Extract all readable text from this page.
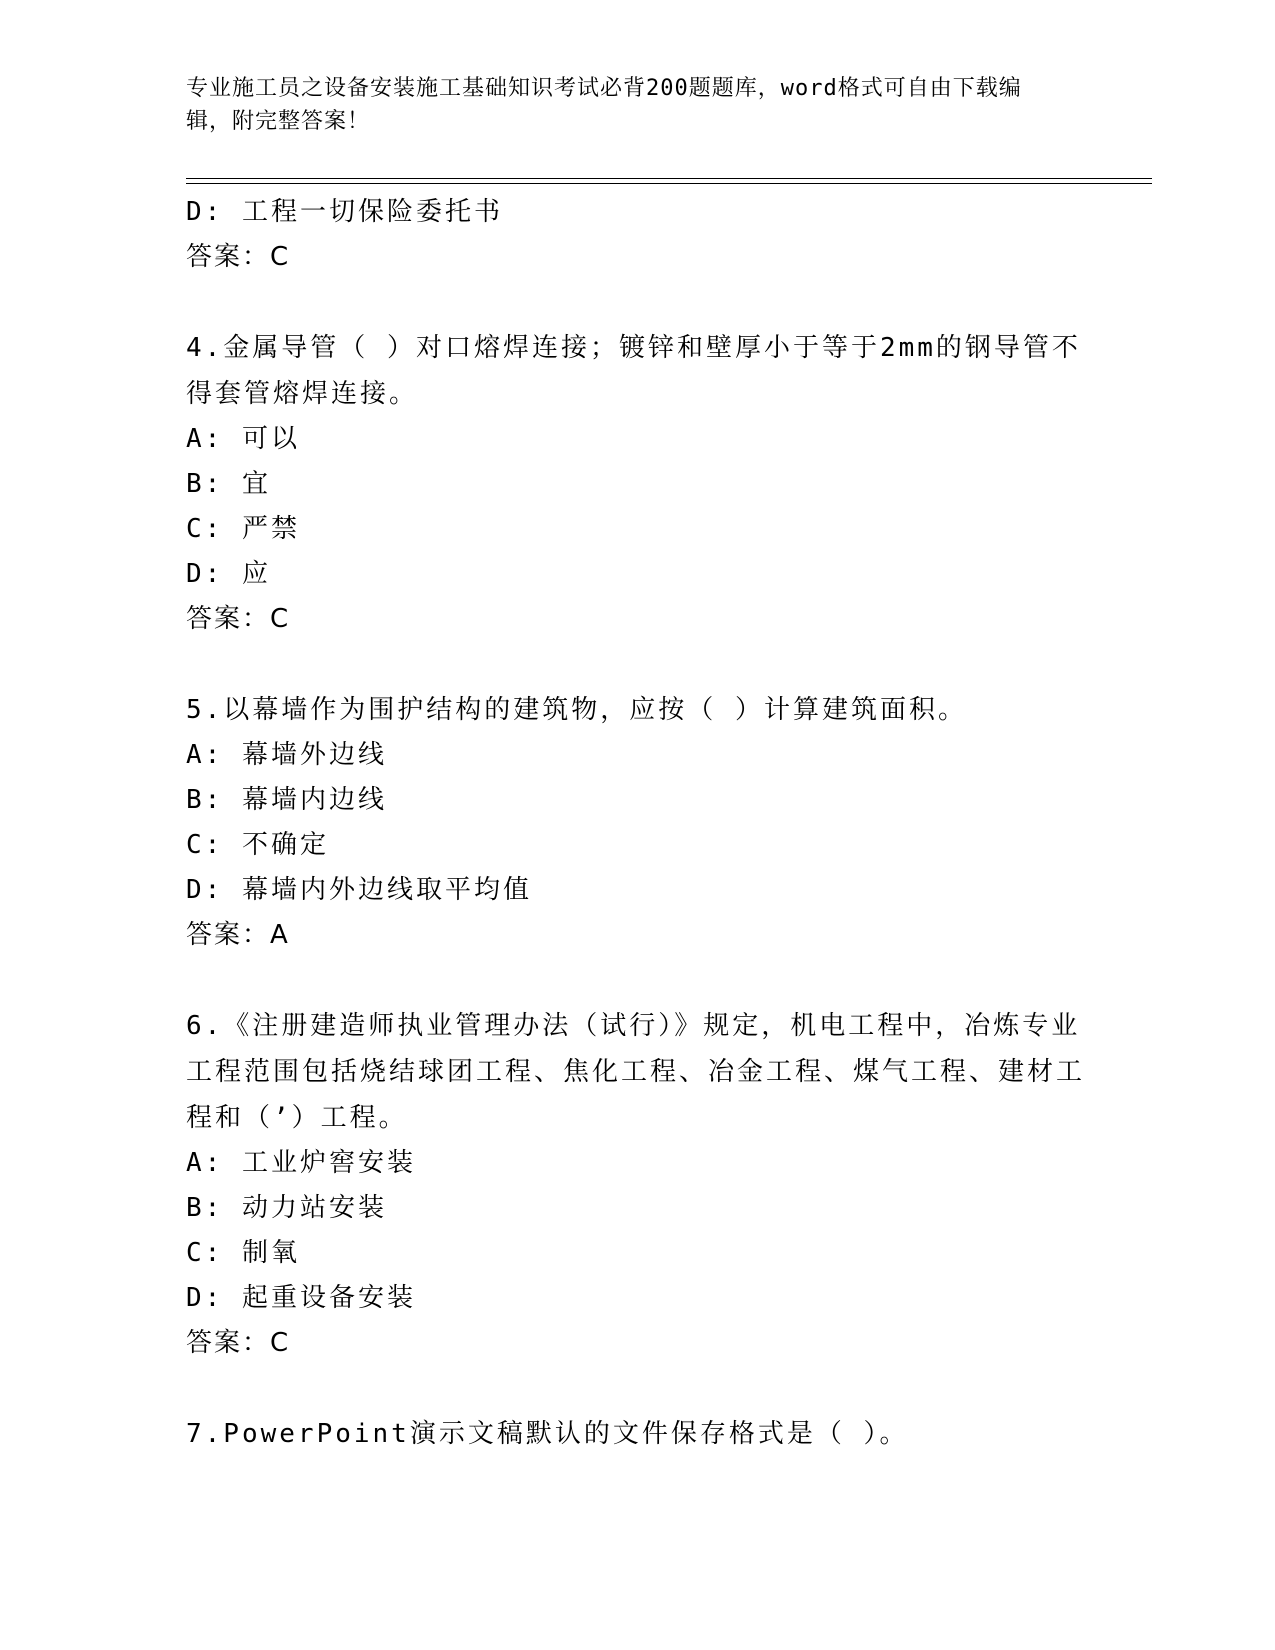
专业施工员之设备安装施工基础知识考试必背200题题库，word格式可自由下载编辑，附完整答案！
D: 工程一切保险委托书
答案：C
4.金属导管（ ）对口熔焊连接；镀锌和壁厚小于等于2mm的钢导管不得套管熔焊连接。
A: 可以
B: 宜
C: 严禁
D: 应
答案：C
5.以幕墙作为围护结构的建筑物，应按（ ）计算建筑面积。
A: 幕墙外边线
B: 幕墙内边线
C: 不确定
D: 幕墙内外边线取平均值
答案：A
6.《注册建造师执业管理办法（试行）》规定，机电工程中，冶炼专业工程范围包括烧结球团工程、焦化工程、冶金工程、煤气工程、建材工程和（’）工程。
A: 工业炉窖安装
B: 动力站安装
C: 制氧
D: 起重设备安装
答案：C
7.PowerPoint演示文稿默认的文件保存格式是（ ）。
